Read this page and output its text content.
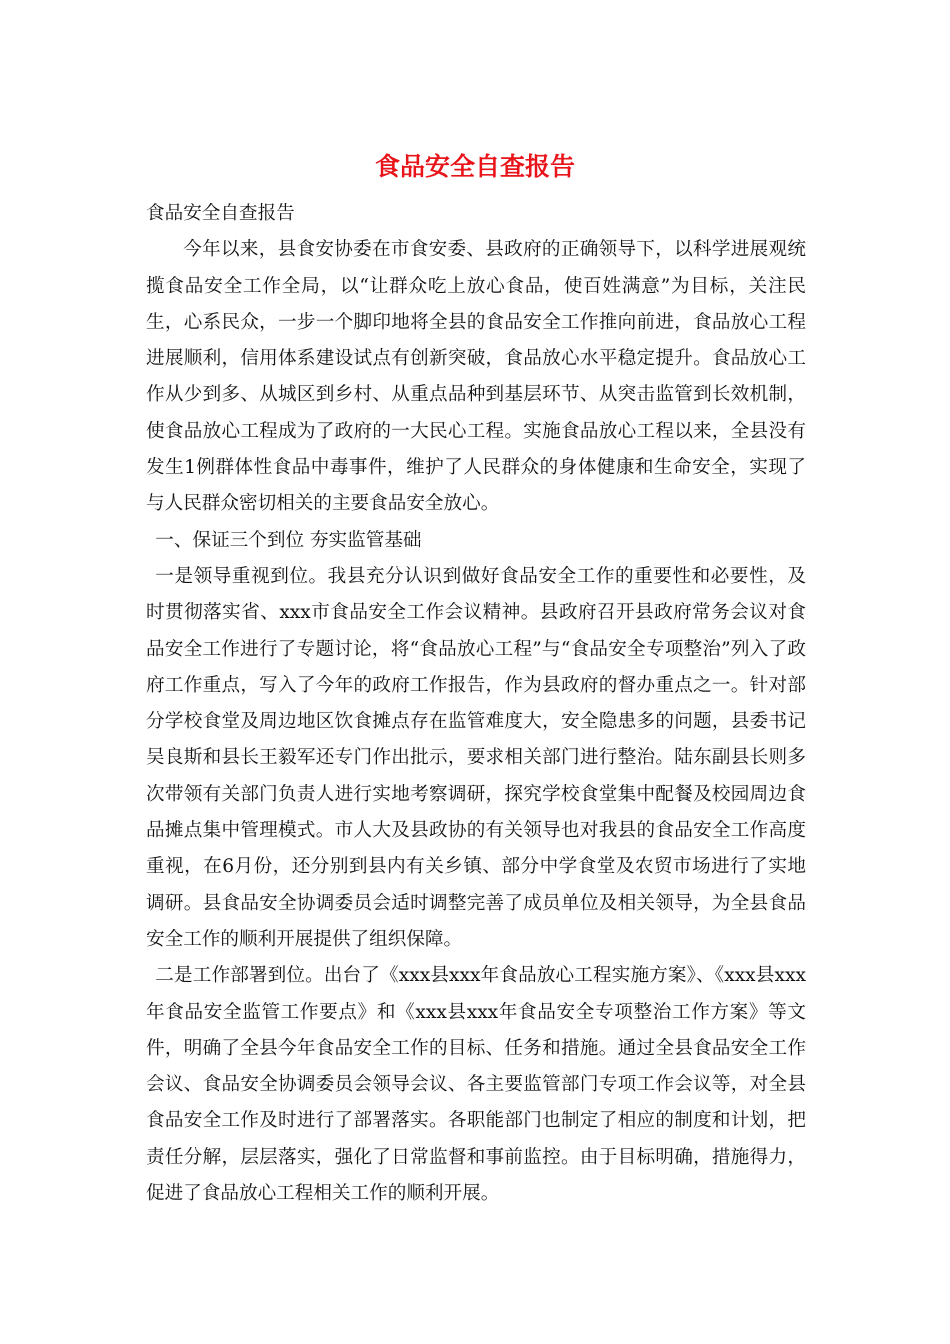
食品安全自查报告

食品安全自查报告

今年以来，县食安协委在市食安委、县政府的正确领导下，以科学进展观统揽食品安全工作全局，以“让群众吃上放心食品，使百姓满意”为目标，关注民生，心系民众，一步一个脚印地将全县的食品安全工作推向前进，食品放心工程进展顺利，信用体系建设试点有创新突破，食品放心水平稳定提升。食品放心工作从少到多、从城区到乡村、从重点品种到基层环节、从突击监管到长效机制，使食品放心工程成为了政府的一大民心工程。实施食品放心工程以来，全县没有发生1例群体性食品中毒事件，维护了人民群众的身体健康和生命安全，实现了与人民群众密切相关的主要食品安全放心。

一、保证三个到位 夯实监管基础

一是领导重视到位。我县充分认识到做好食品安全工作的重要性和必要性，及时贯彻落实省、xxx市食品安全工作会议精神。县政府召开县政府常务会议对食品安全工作进行了专题讨论，将“食品放心工程”与“食品安全专项整治”列入了政府工作重点，写入了今年的政府工作报告，作为县政府的督办重点之一。针对部分学校食堂及周边地区饮食摊点存在监管难度大，安全隐患多的问题，县委书记吴良斯和县长王毅军还专门作出批示，要求相关部门进行整治。陆东副县长则多次带领有关部门负责人进行实地考察调研，探究学校食堂集中配餐及校园周边食品摊点集中管理模式。市人大及县政协的有关领导也对我县的食品安全工作高度重视，在6月份，还分别到县内有关乡镇、部分中学食堂及农贸市场进行了实地调研。县食品安全协调委员会适时调整完善了成员单位及相关领导，为全县食品安全工作的顺利开展提供了组织保障。

二是工作部署到位。出台了《xxx县xxx年食品放心工程实施方案》、《xxx县xxx年食品安全监管工作要点》和《xxx县xxx年食品安全专项整治工作方案》等文件，明确了全县今年食品安全工作的目标、任务和措施。通过全县食品安全工作会议、食品安全协调委员会领导会议、各主要监管部门专项工作会议等，对全县食品安全工作及时进行了部署落实。各职能部门也制定了相应的制度和计划，把责任分解，层层落实，强化了日常监督和事前监控。由于目标明确，措施得力，促进了食品放心工程相关工作的顺利开展。
